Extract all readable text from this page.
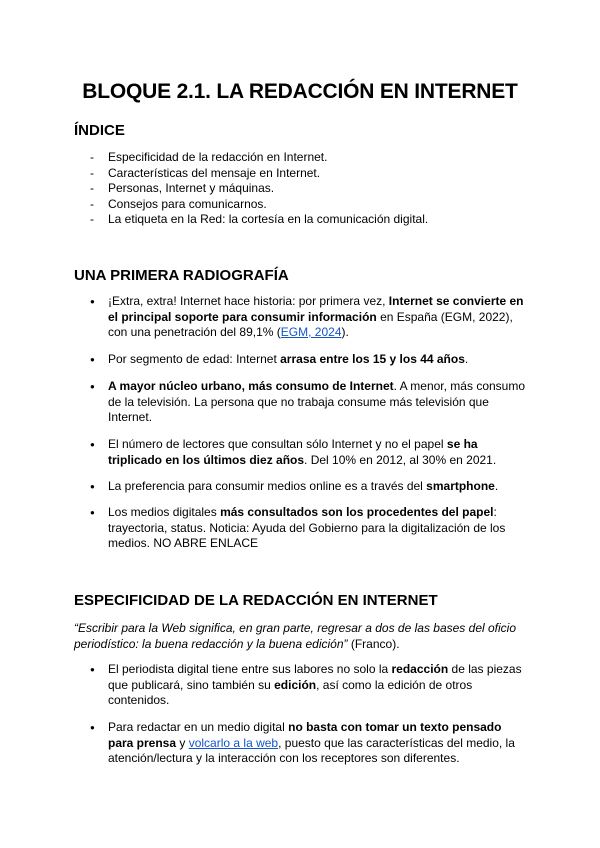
BLOQUE 2.1. LA REDACCIÓN EN INTERNET
ÍNDICE
- Especificidad de la redacción en Internet.
- Características del mensaje en Internet.
- Personas, Internet y máquinas.
- Consejos para comunicarnos.
- La etiqueta en la Red: la cortesía en la comunicación digital.
UNA PRIMERA RADIOGRAFÍA
● ¡Extra, extra! Internet hace historia: por primera vez, Internet se convierte en el principal soporte para consumir información en España (EGM, 2022), con una penetración del 89,1% (EGM, 2024).
● Por segmento de edad: Internet arrasa entre los 15 y los 44 años.
● A mayor núcleo urbano, más consumo de Internet. A menor, más consumo de la televisión. La persona que no trabaja consume más televisión que Internet.
● El número de lectores que consultan sólo Internet y no el papel se ha triplicado en los últimos diez años. Del 10% en 2012, al 30% en 2021.
● La preferencia para consumir medios online es a través del smartphone.
● Los medios digitales más consultados son los procedentes del papel: trayectoria, status. Noticia: Ayuda del Gobierno para la digitalización de los medios. NO ABRE ENLACE
ESPECIFICIDAD DE LA REDACCIÓN EN INTERNET

“Escribir para la Web significa, en gran parte, regresar a dos de las bases del oficio periodístico: la buena redacción y la buena edición” (Franco).

● El periodista digital tiene entre sus labores no solo la redacción de las piezas que publicará, sino también su edición, así como la edición de otros contenidos.
● Para redactar en un medio digital no basta con tomar un texto pensado para prensa y volcarlo a la web, puesto que las características del medio, la atención/lectura y la interacción con los receptores son diferentes.
